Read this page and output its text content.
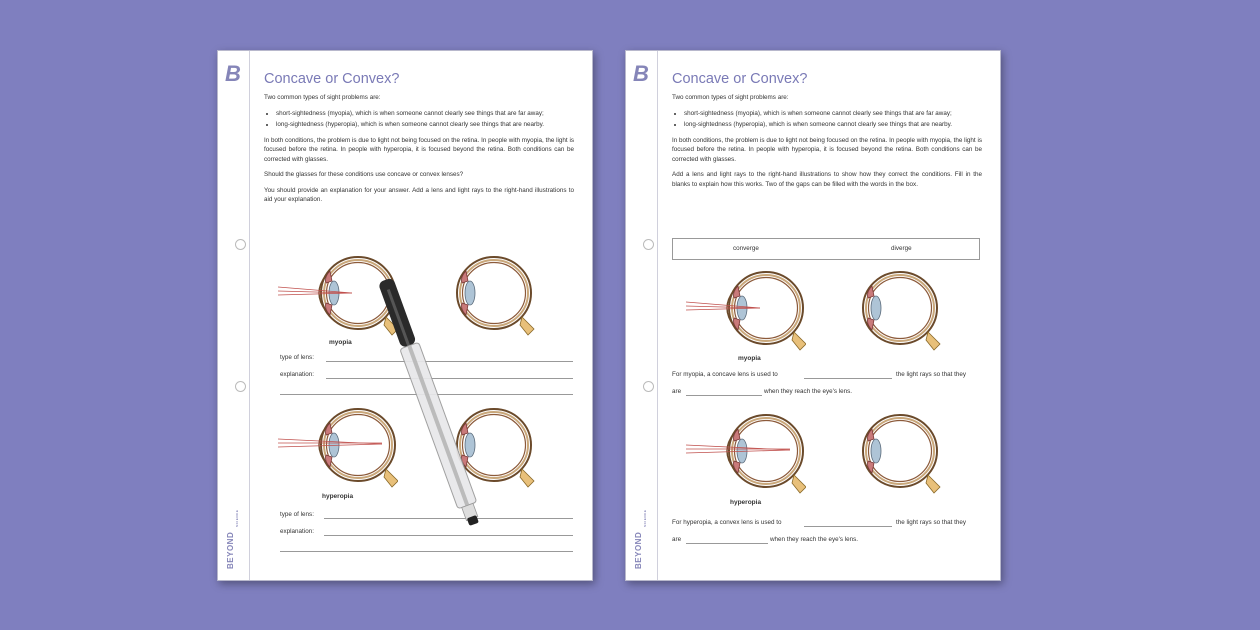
B
BEYOND
SCIENCE
Concave or Convex?
Two common types of sight problems are:
• short-sightedness (myopia), which is when someone cannot clearly see things that are far away;
• long-sightedness (hyperopia), which is when someone cannot clearly see things that are nearby.
In both conditions, the problem is due to light not being focused on the retina. In people with myopia, the light is focused before the retina. In people with hyperopia, it is focused beyond the retina. Both conditions can be corrected with glasses.
Should the glasses for these conditions use concave or convex lenses?
You should provide an explanation for your answer. Add a lens and light rays to the right-hand illustrations to aid your explanation.
myopia
type of lens:
explanation:
hyperopia
type of lens:
explanation:
B
BEYOND
SCIENCE
Concave or Convex?
Two common types of sight problems are:
• short-sightedness (myopia), which is when someone cannot clearly see things that are far away;
• long-sightedness (hyperopia), which is when someone cannot clearly see things that are nearby.
In both conditions, the problem is due to light not being focused on the retina. In people with myopia, the light is focused before the retina. In people with hyperopia, it is focused beyond the retina. Both conditions can be corrected with glasses.
Add a lens and light rays to the right-hand illustrations to show how they correct the conditions. Fill in the blanks to explain how this works. Two of the gaps can be filled with the words in the box.
converge	diverge
myopia
For myopia, a concave lens is used to	the light rays so that they
are	when they reach the eye's lens.
hyperopia
For hyperopia, a convex lens is used to	the light rays so that they
are	when they reach the eye's lens.
